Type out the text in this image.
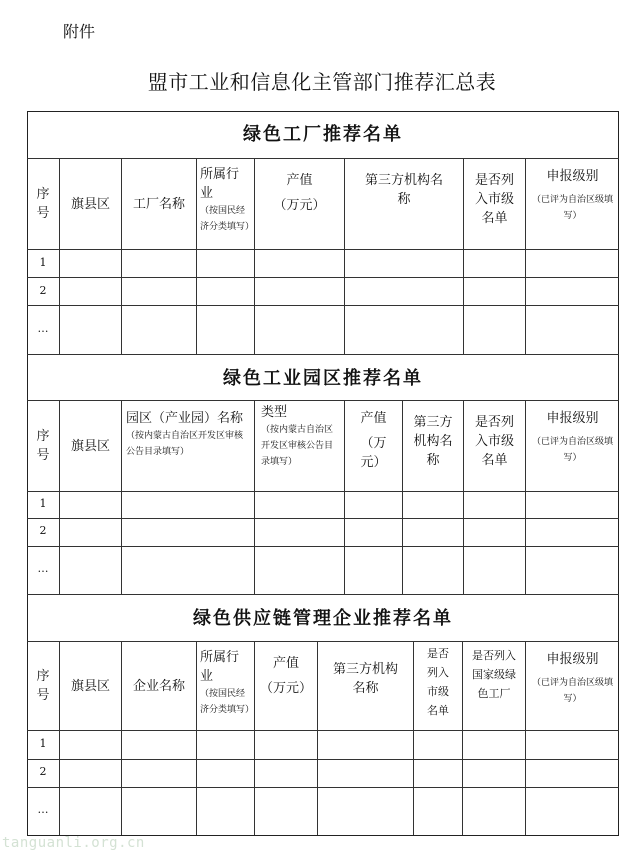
附件
盟市工业和信息化主管部门推荐汇总表
绿色工厂推荐名单
序号
旗县区 工厂名称
所属行业
（按国民经济分类填写）
产值
（万元）
第三方机构名称
是否列入市级名单
申报级别
（已评为自治区级填写）
1
2
…
绿色工业园区推荐名单
序号
旗县区
园区（产业园）名称
（按内蒙古自治区开发区审核公告目录填写）
类型
（按内蒙古自治区开发区审核公告目录填写）
产值
（万元）
第三方机构名称
是否列入市级名单
申报级别
（已评为自治区级填写）
1
2
…
绿色供应链管理企业推荐名单
序号
旗县区 企业名称
所属行业
（按国民经济分类填写）
产值
（万元）
第三方机构名称
是否列入市级名单
是否列入国家级绿色工厂
申报级别
（已评为自治区级填写）
1
2
…
tanguanli.org.cn
